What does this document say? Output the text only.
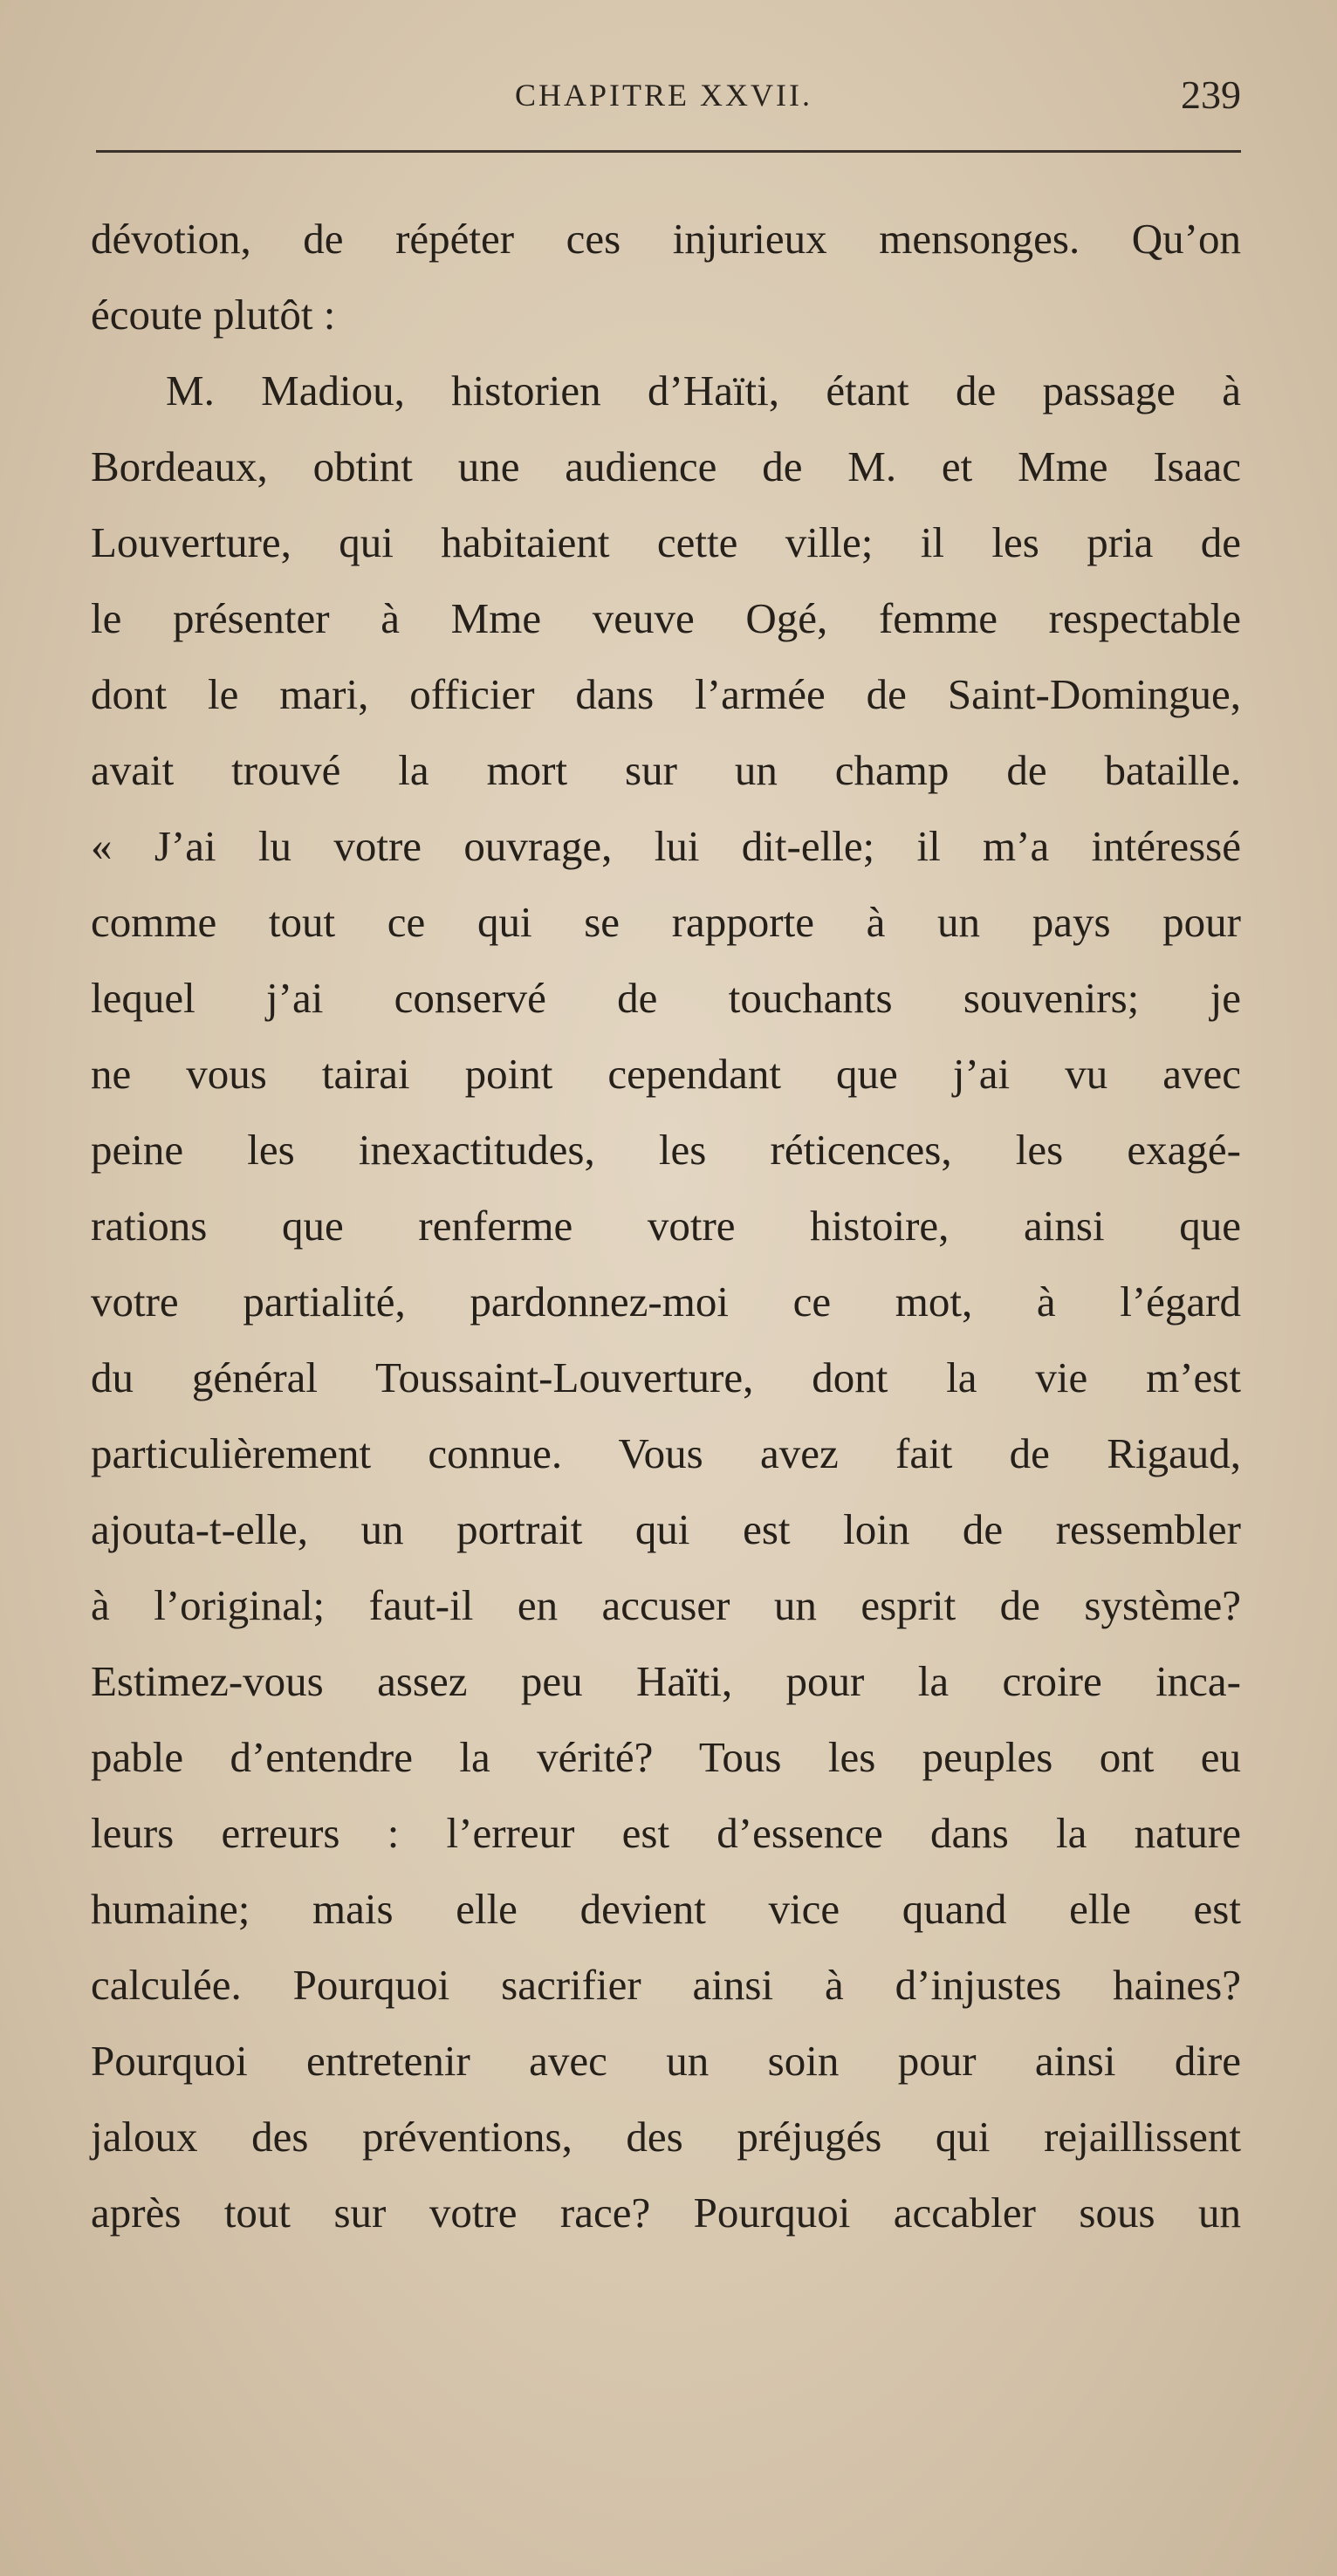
CHAPITRE XXVII.	239
dévotion, de répéter ces injurieux mensonges. Qu’on
écoute plutôt :
M. Madiou, historien d’Haïti, étant de passage à
Bordeaux, obtint une audience de M. et Mme Isaac
Louverture, qui habitaient cette ville; il les pria de
le présenter à Mme veuve Ogé, femme respectable
dont le mari, officier dans l’armée de Saint-Domingue,
avait trouvé la mort sur un champ de bataille.
« J’ai lu votre ouvrage, lui dit-elle; il m’a intéressé
comme tout ce qui se rapporte à un pays pour
lequel j’ai conservé de touchants souvenirs; je
ne vous tairai point cependant que j’ai vu avec
peine les inexactitudes, les réticences, les exagé-
rations que renferme votre histoire, ainsi que
votre partialité, pardonnez-moi ce mot, à l’égard
du général Toussaint-Louverture, dont la vie m’est
particulièrement connue. Vous avez fait de Rigaud,
ajouta-t-elle, un portrait qui est loin de ressembler
à l’original; faut-il en accuser un esprit de système?
Estimez-vous assez peu Haïti, pour la croire inca-
pable d’entendre la vérité? Tous les peuples ont eu
leurs erreurs : l’erreur est d’essence dans la nature
humaine; mais elle devient vice quand elle est
calculée. Pourquoi sacrifier ainsi à d’injustes haines?
Pourquoi entretenir avec un soin pour ainsi dire
jaloux des préventions, des préjugés qui rejaillissent
après tout sur votre race? Pourquoi accabler sous un
